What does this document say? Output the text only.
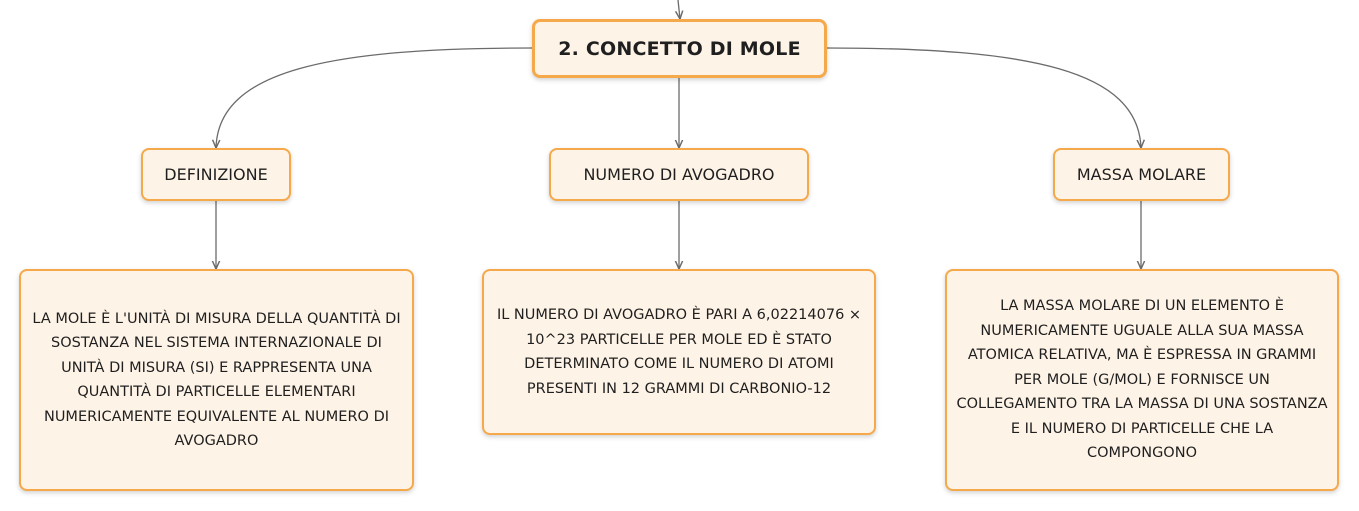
2. CONCETTO DI MOLE
DEFINIZIONE	NUMERO DI AVOGADRO	MASSA MOLARE
LA MOLE È L'UNITÀ DI MISURA DELLA QUANTITÀ DI SOSTANZA NEL SISTEMA INTERNAZIONALE DI UNITÀ DI MISURA (SI) E RAPPRESENTA UNA QUANTITÀ DI PARTICELLE ELEMENTARI NUMERICAMENTE EQUIVALENTE AL NUMERO DI AVOGADRO
IL NUMERO DI AVOGADRO È PARI A 6,02214076 × 10^23 PARTICELLE PER MOLE ED È STATO DETERMINATO COME IL NUMERO DI ATOMI PRESENTI IN 12 GRAMMI DI CARBONIO-12
LA MASSA MOLARE DI UN ELEMENTO È NUMERICAMENTE UGUALE ALLA SUA MASSA ATOMICA RELATIVA, MA È ESPRESSA IN GRAMMI PER MOLE (G/MOL) E FORNISCE UN COLLEGAMENTO TRA LA MASSA DI UNA SOSTANZA E IL NUMERO DI PARTICELLE CHE LA COMPONGONO
